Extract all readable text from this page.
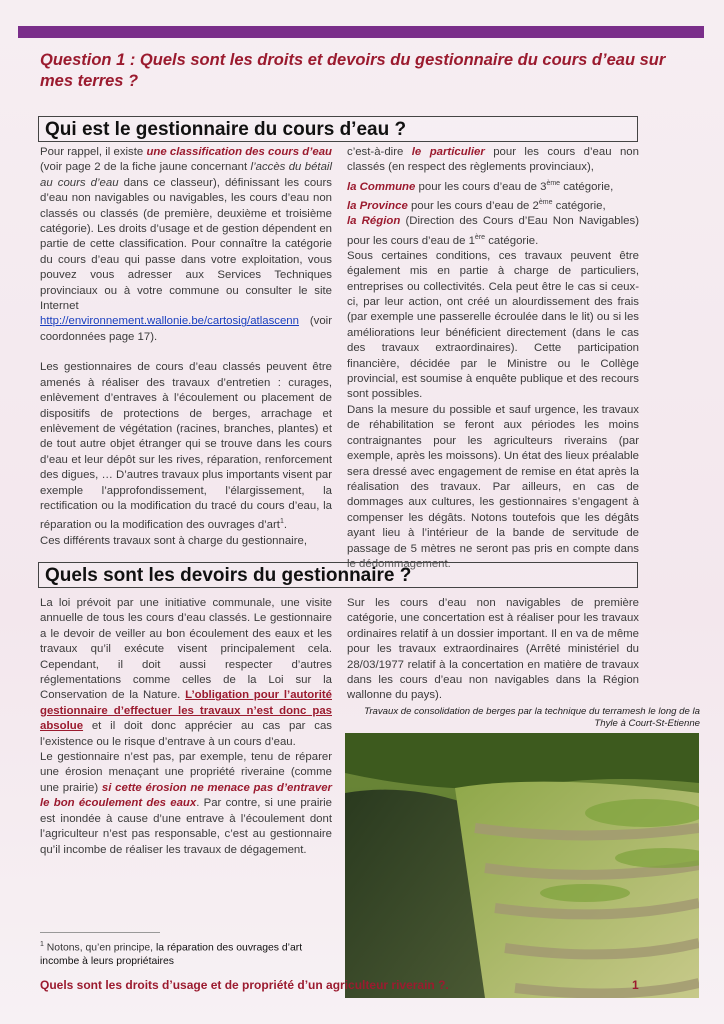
Question 1 : Quels sont les droits et devoirs du gestionnaire du cours d’eau sur mes terres ?
Qui est le gestionnaire du cours d’eau ?

Pour rappel, il existe une classification des cours d’eau (voir page 2 de la fiche jaune concernant l’accès du bétail au cours d’eau dans ce classeur), définissant les cours d’eau non navigables ou navigables, les cours d’eau non classés ou classés (de première, deuxième et troisième catégorie). Les droits d’usage et de gestion dépendent en partie de cette classification. Pour connaître la catégorie du cours d’eau qui passe dans votre exploitation, vous pouvez vous adresser aux Services Techniques provinciaux ou à votre commune ou consulter le site Internet http://environnement.wallonie.be/cartosig/atlascenn (voir coordonnées page 17).

Les gestionnaires de cours d’eau classés peuvent être amenés à réaliser des travaux d’entretien : curages, enlèvement d’entraves à l’écoulement ou placement de dispositifs de protections de berges, arrachage et enlèvement de végétation (racines, branches, plantes) et de tout autre objet étranger qui se trouve dans les cours d’eau et leur dépôt sur les rives, réparation, renforcement des digues, … D’autres travaux plus importants visent par exemple l’approfondissement, l’élargissement, la rectification ou la modification du tracé du cours d’eau, la réparation ou la modification des ouvrages d’art$^1$.

Ces différents travaux sont à charge du gestionnaire,

c’est-à-dire le particulier pour les cours d’eau non classés (en respect des règlements provinciaux),

la Commune pour les cours d’eau de 3ème catégorie,

la Province pour les cours d’eau de 2ème catégorie,

la Région (Direction des Cours d’Eau Non Navigables) pour les cours d’eau de 1ère catégorie.

Sous certaines conditions, ces travaux peuvent être également mis en partie à charge de particuliers, entreprises ou collectivités. Cela peut être le cas si ceux-ci, par leur action, ont créé un alourdissement des frais (par exemple une passerelle écroulée dans le lit) ou si les améliorations leur bénéficient directement (dans le cas des travaux extraordinaires). Cette participation financière, décidée par le Ministre ou le Collège provincial, est soumise à enquête publique et des recours sont possibles.

Dans la mesure du possible et sauf urgence, les travaux de réhabilitation se feront aux périodes les moins contraignantes pour les agriculteurs riverains (par exemple, après les moissons). Un état des lieux préalable sera dressé avec engagement de remise en état après la réalisation des travaux. Par ailleurs, en cas de dommages aux cultures, les gestionnaires s’engagent à compenser les dégâts. Notons toutefois que les dégâts ayant lieu à l’intérieur de la bande de servitude de passage de 5 mètres ne seront pas pris en compte dans le dédommagement.

Quels sont les devoirs du gestionnaire ?

La loi prévoit par une initiative communale, une visite annuelle de tous les cours d’eau classés. Le gestionnaire a le devoir de veiller au bon écoulement des eaux et les travaux qu’il exécute visent principalement cela. Cependant, il doit aussi respecter d’autres réglementations comme celles de la Loi sur la Conservation de la Nature. L’obligation pour l’autorité gestionnaire d’effectuer les travaux n’est donc pas absolue et il doit donc apprécier au cas par cas l’existence ou le risque d’entrave à un cours d’eau.

Le gestionnaire n’est pas, par exemple, tenu de réparer une érosion menaçant une propriété riveraine (comme une prairie) si cette érosion ne menace pas d’entraver le bon écoulement des eaux. Par contre, si une prairie est inondée à cause d’une entrave à l’écoulement dont l’agriculteur n’est pas responsable, c’est au gestionnaire qu’il incombe de réaliser les travaux de dégagement.

Sur les cours d’eau non navigables de première catégorie, une concertation est à réaliser pour les travaux ordinaires relatif à un dossier important. Il en va de même pour les travaux extraordinaires (Arrêté ministériel du 28/03/1977 relatif à la concertation en matière de travaux dans les cours d’eau non navigables dans la Région wallonne du pays).

Travaux de consolidation de berges par la technique du terramesh le long de la Thyle à Court-St-Etienne
$^1$ Notons, qu’en principe, la réparation des ouvrages d’art incombe à leurs propriétaires
Quels sont les droits d’usage et de propriété d’un agriculteur riverain ?.	1
